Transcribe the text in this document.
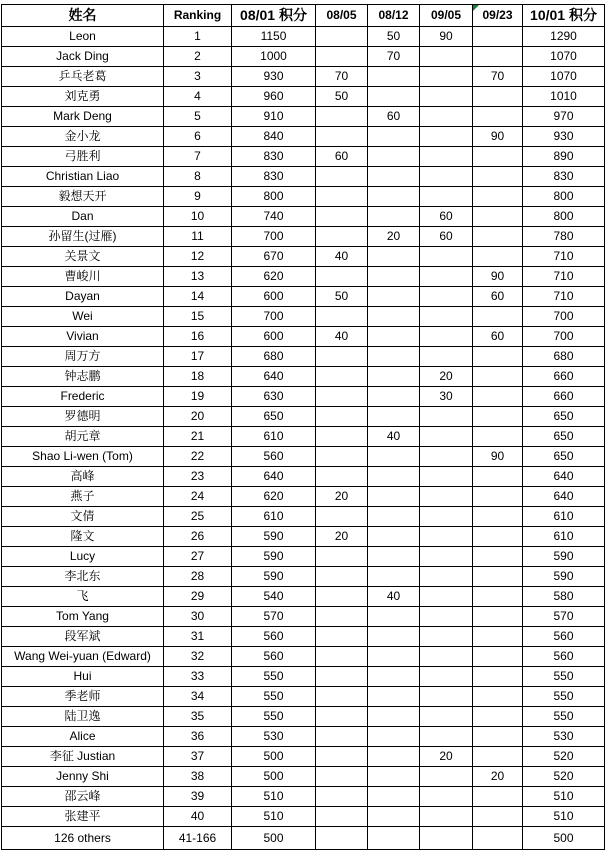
姓名	Ranking	08/01 积分	08/05	08/12	09/05	09/23	10/01 积分
Leon	1	1150		50	90		1290
Jack Ding	2	1000		70			1070
乒乓老葛	3	930	70			70	1070
刘克勇	4	960	50				1010
Mark Deng	5	910		60			970
金小龙	6	840				90	930
弓胜利	7	830	60				890
Christian Liao	8	830					830
毅想天开	9	800					800
Dan	10	740			60		800
孙留生(过雁)	11	700		20	60		780
关景文	12	670	40				710
曹峻川	13	620				90	710
Dayan	14	600	50			60	710
Wei	15	700					700
Vivian	16	600	40			60	700
周万方	17	680					680
钟志鹏	18	640			20		660
Frederic	19	630			30		660
罗德明	20	650					650
胡元章	21	610		40			650
Shao Li-wen (Tom)	22	560				90	650
高峰	23	640					640
燕子	24	620	20				640
文倩	25	610					610
隆文	26	590	20				610
Lucy	27	590					590
李北东	28	590					590
飞	29	540		40			580
Tom Yang	30	570					570
段军斌	31	560					560
Wang Wei-yuan (Edward)	32	560					560
Hui	33	550					550
季老师	34	550					550
陆卫逸	35	550					550
Alice	36	530					530
李征 Justian	37	500			20		520
Jenny Shi	38	500				20	520
邵云峰	39	510					510
张建平	40	510					510
126 others	41-166	500					500
